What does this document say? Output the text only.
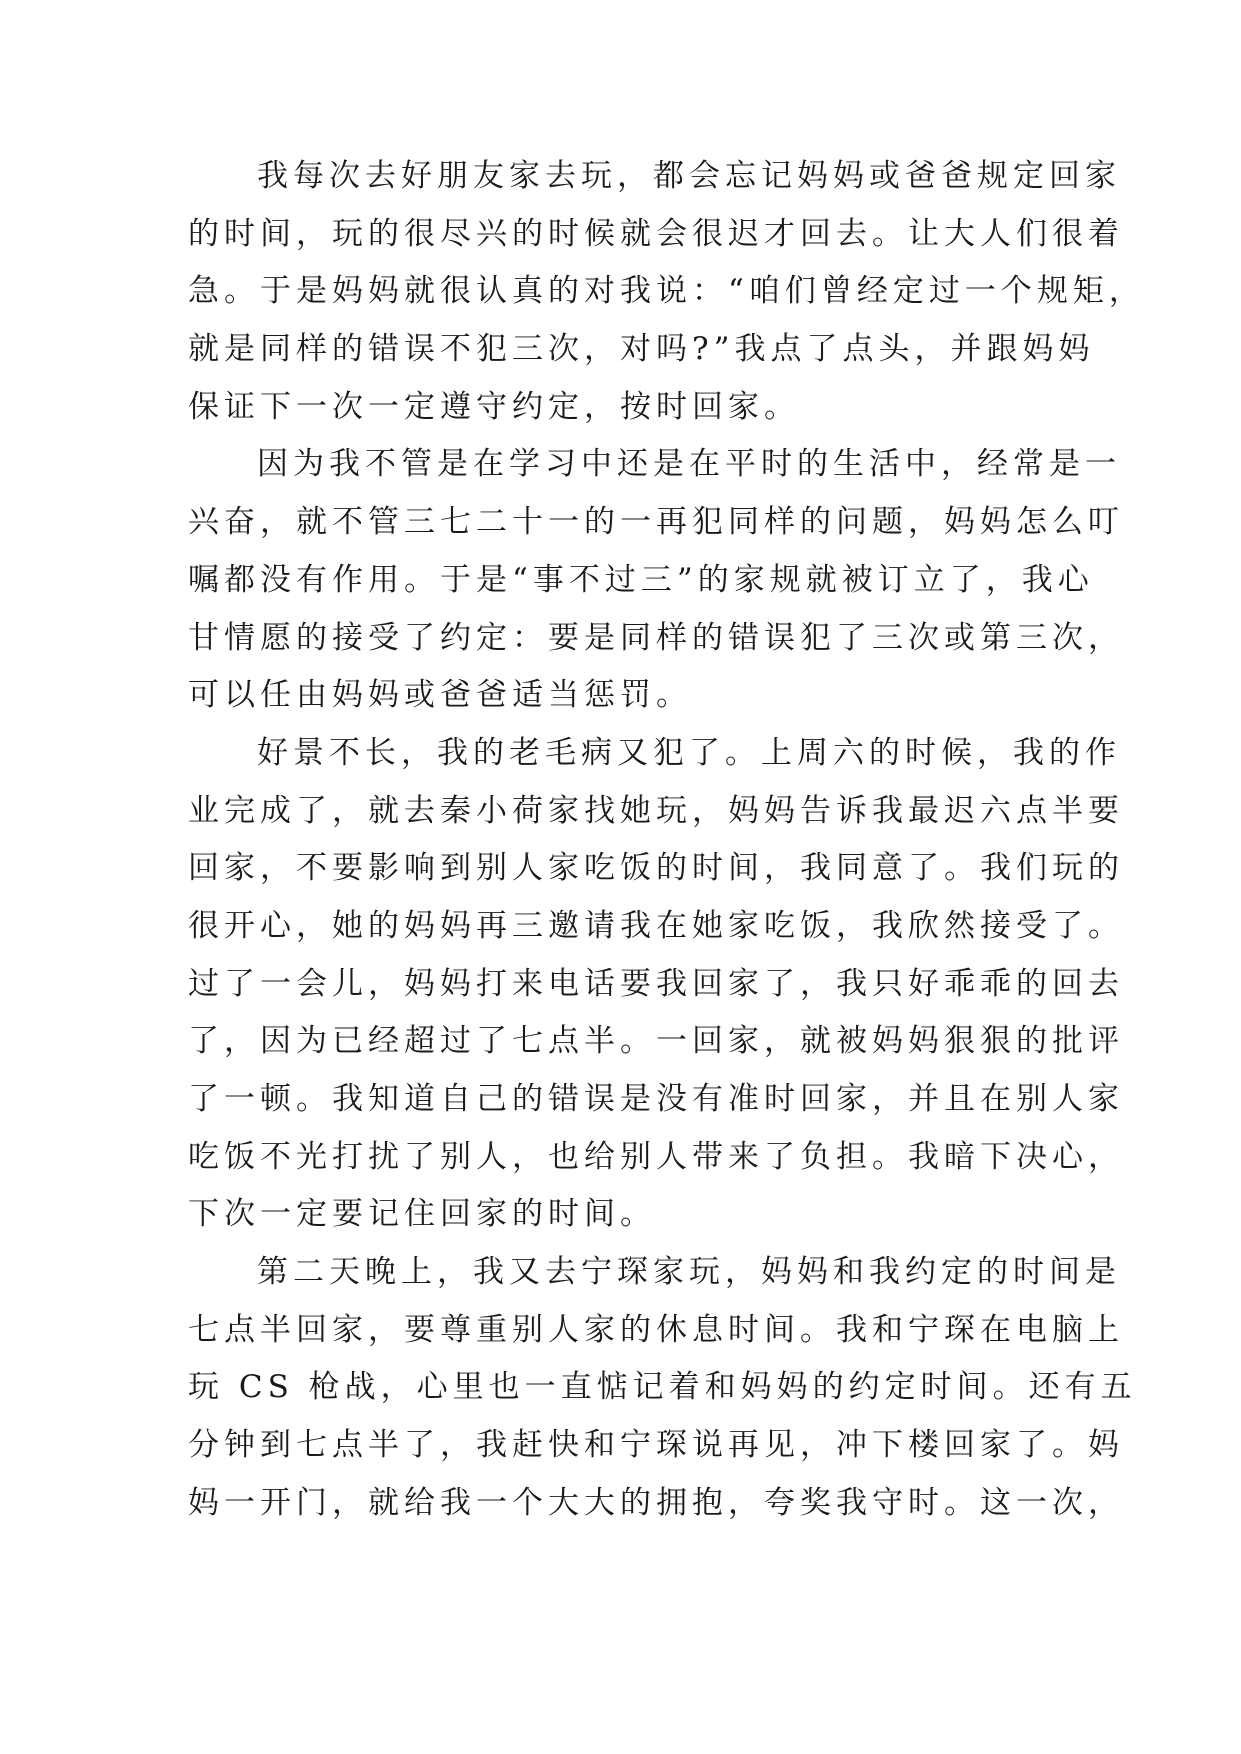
我每次去好朋友家去玩，都会忘记妈妈或爸爸规定回家
的时间，玩的很尽兴的时候就会很迟才回去。让大人们很着
急。于是妈妈就很认真的对我说：“咱们曾经定过一个规矩，
就是同样的错误不犯三次，对吗?”我点了点头，并跟妈妈
保证下一次一定遵守约定，按时回家。
因为我不管是在学习中还是在平时的生活中，经常是一
兴奋，就不管三七二十一的一再犯同样的问题，妈妈怎么叮
嘱都没有作用。于是“事不过三”的家规就被订立了，我心
甘情愿的接受了约定：要是同样的错误犯了三次或第三次，
可以任由妈妈或爸爸适当惩罚。
好景不长，我的老毛病又犯了。上周六的时候，我的作
业完成了，就去秦小荷家找她玩，妈妈告诉我最迟六点半要
回家，不要影响到别人家吃饭的时间，我同意了。我们玩的
很开心，她的妈妈再三邀请我在她家吃饭，我欣然接受了。
过了一会儿，妈妈打来电话要我回家了，我只好乖乖的回去
了，因为已经超过了七点半。一回家，就被妈妈狠狠的批评
了一顿。我知道自己的错误是没有准时回家，并且在别人家
吃饭不光打扰了别人，也给别人带来了负担。我暗下决心，
下次一定要记住回家的时间。
第二天晚上，我又去宁琛家玩，妈妈和我约定的时间是
七点半回家，要尊重别人家的休息时间。我和宁琛在电脑上
玩 CS 枪战，心里也一直惦记着和妈妈的约定时间。还有五
分钟到七点半了，我赶快和宁琛说再见，冲下楼回家了。妈
妈一开门，就给我一个大大的拥抱，夸奖我守时。这一次，
